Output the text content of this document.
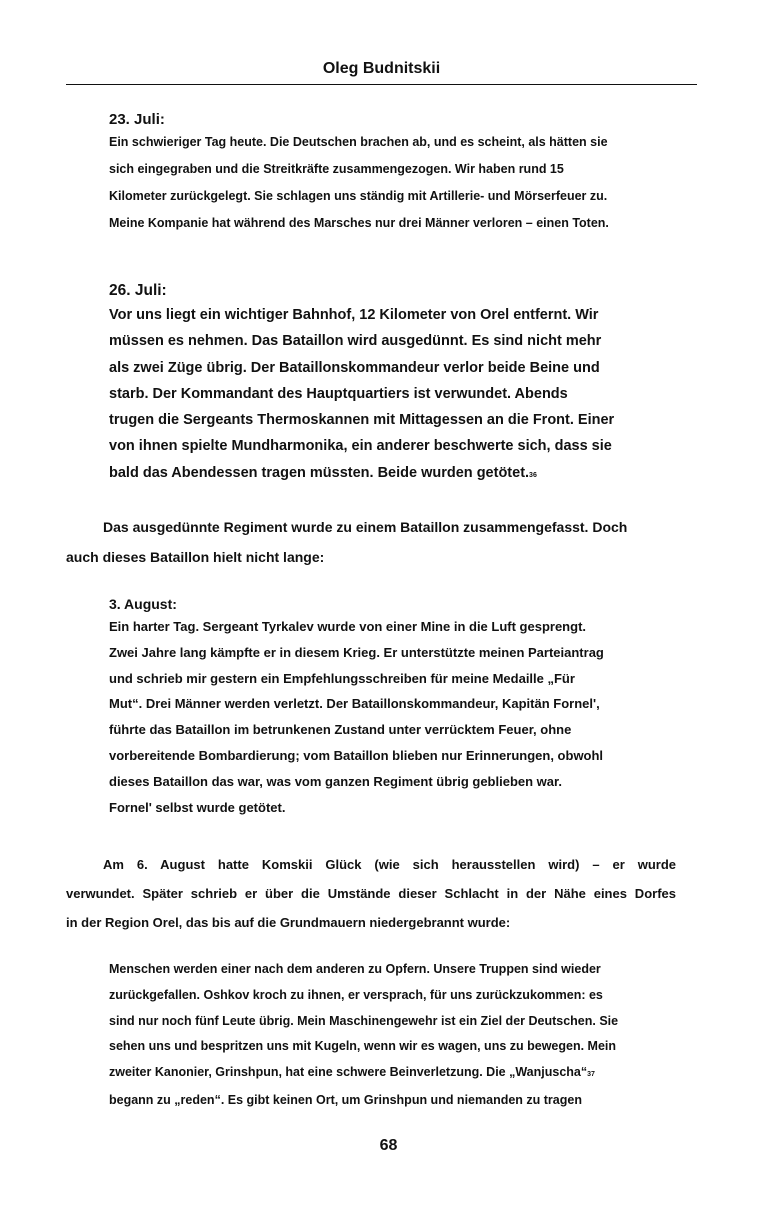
Oleg Budnitskii
23. Juli:
Ein schwieriger Tag heute. Die Deutschen brachen ab, und es scheint, als hätten sie
sich eingegraben und die Streitkräfte zusammengezogen. Wir haben rund 15
Kilometer zurückgelegt. Sie schlagen uns ständig mit Artillerie- und Mörserfeuer zu.
Meine Kompanie hat während des Marsches nur drei Männer verloren – einen Toten.
26. Juli:
Vor uns liegt ein wichtiger Bahnhof, 12 Kilometer von Orel entfernt. Wir
müssen es nehmen. Das Bataillon wird ausgedünnt. Es sind nicht mehr
als zwei Züge übrig. Der Bataillonskommandeur verlor beide Beine und
starb. Der Kommandant des Hauptquartiers ist verwundet. Abends
trugen die Sergeants Thermoskannen mit Mittagessen an die Front. Einer
von ihnen spielte Mundharmonika, ein anderer beschwerte sich, dass sie
bald das Abendessen tragen müssten. Beide wurden getötet.36
Das ausgedünnte Regiment wurde zu einem Bataillon zusammengefasst. Doch
auch dieses Bataillon hielt nicht lange:
3. August:
Ein harter Tag. Sergeant Tyrkalev wurde von einer Mine in die Luft gesprengt.
Zwei Jahre lang kämpfte er in diesem Krieg. Er unterstützte meinen Parteiantrag
und schrieb mir gestern ein Empfehlungsschreiben für meine Medaille „Für
Mut“. Drei Männer werden verletzt. Der Bataillonskommandeur, Kapitän Fornel',
führte das Bataillon im betrunkenen Zustand unter verrücktem Feuer, ohne
vorbereitende Bombardierung; vom Bataillon blieben nur Erinnerungen, obwohl
dieses Bataillon das war, was vom ganzen Regiment übrig geblieben war.
Fornel' selbst wurde getötet.
Am 6. August hatte Komskii Glück (wie sich herausstellen wird) – er wurde
verwundet. Später schrieb er über die Umstände dieser Schlacht in der Nähe eines Dorfes
in der Region Orel, das bis auf die Grundmauern niedergebrannt wurde:
Menschen werden einer nach dem anderen zu Opfern. Unsere Truppen sind wieder
zurückgefallen. Oshkov kroch zu ihnen, er versprach, für uns zurückzukommen: es
sind nur noch fünf Leute übrig. Mein Maschinengewehr ist ein Ziel der Deutschen. Sie
sehen uns und bespritzen uns mit Kugeln, wenn wir es wagen, uns zu bewegen. Mein
zweiter Kanonier, Grinshpun, hat eine schwere Beinverletzung. Die „Wanjuscha“37
begann zu „reden“. Es gibt keinen Ort, um Grinshpun und niemanden zu tragen
68
